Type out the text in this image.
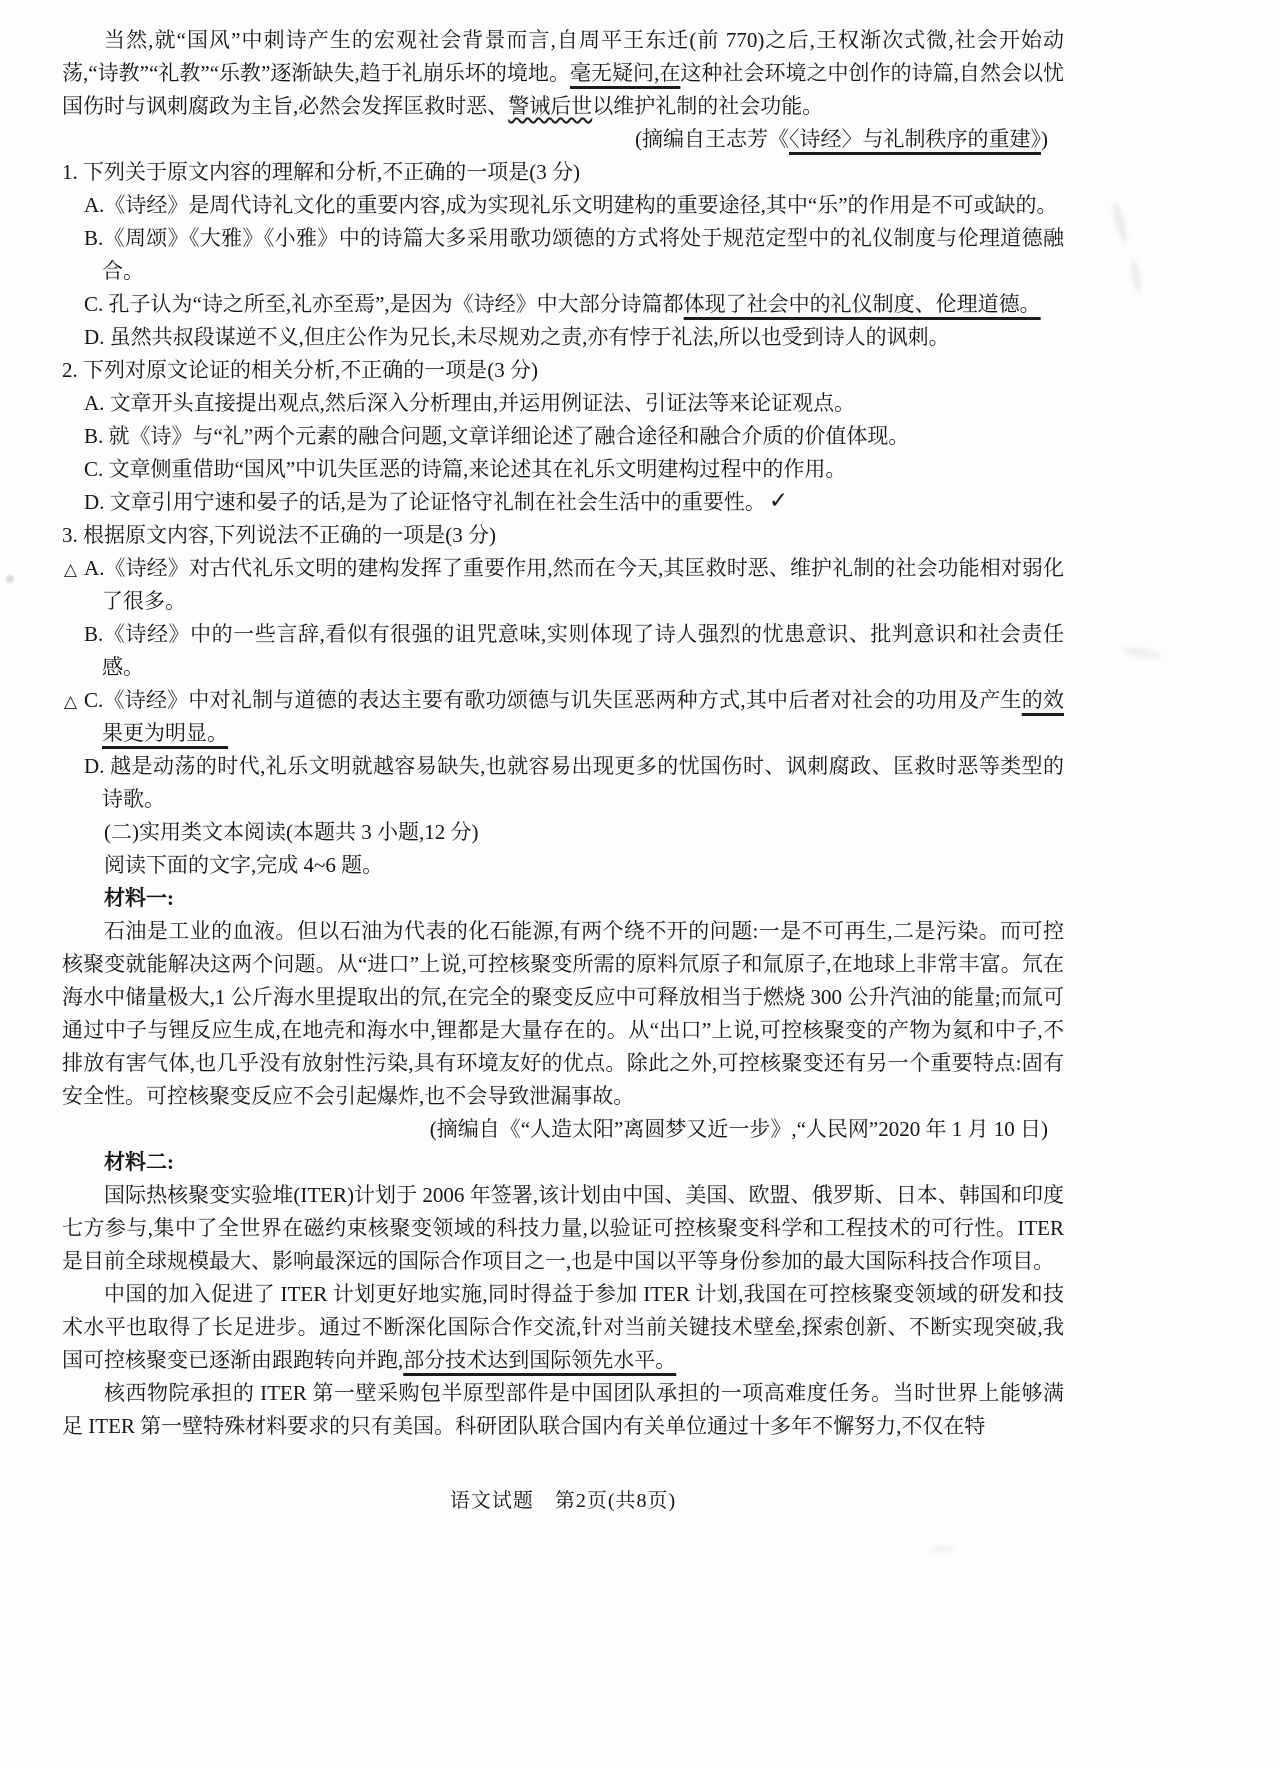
当然,就“国风”中刺诗产生的宏观社会背景而言,自周平王东迁(前 770)之后,王权渐次式微,社会开始动荡,“诗教”“礼教”“乐教”逐渐缺失,趋于礼崩乐坏的境地。毫无疑问,在这种社会环境之中创作的诗篇,自然会以忧国伤时与讽刺腐政为主旨,必然会发挥匡救时恶、警诫后世以维护礼制的社会功能。

(摘编自王志芳《〈诗经〉与礼制秩序的重建》)

1. 下列关于原文内容的理解和分析,不正确的一项是(3 分)

A.《诗经》是周代诗礼文化的重要内容,成为实现礼乐文明建构的重要途径,其中“乐”的作用是不可或缺的。

B.《周颂》《大雅》《小雅》中的诗篇大多采用歌功颂德的方式将处于规范定型中的礼仪制度与伦理道德融合。

C. 孔子认为“诗之所至,礼亦至焉”,是因为《诗经》中大部分诗篇都体现了社会中的礼仪制度、伦理道德。

D. 虽然共叔段谋逆不义,但庄公作为兄长,未尽规劝之责,亦有悖于礼法,所以也受到诗人的讽刺。

2. 下列对原文论证的相关分析,不正确的一项是(3 分)

A. 文章开头直接提出观点,然后深入分析理由,并运用例证法、引证法等来论证观点。

B. 就《诗》与“礼”两个元素的融合问题,文章详细论述了融合途径和融合介质的价值体现。

C. 文章侧重借助“国风”中讥失匡恶的诗篇,来论述其在礼乐文明建构过程中的作用。

D. 文章引用宁速和晏子的话,是为了论证恪守礼制在社会生活中的重要性。 ✓

3. 根据原文内容,下列说法不正确的一项是(3 分)

△ A.《诗经》对古代礼乐文明的建构发挥了重要作用,然而在今天,其匡救时恶、维护礼制的社会功能相对弱化了很多。

B.《诗经》中的一些言辞,看似有很强的诅咒意味,实则体现了诗人强烈的忧患意识、批判意识和社会责任感。

△ C.《诗经》中对礼制与道德的表达主要有歌功颂德与讥失匡恶两种方式,其中后者对社会的功用及产生的效果更为明显。

D. 越是动荡的时代,礼乐文明就越容易缺失,也就容易出现更多的忧国伤时、讽刺腐政、匡救时恶等类型的诗歌。

(二)实用类文本阅读(本题共 3 小题,12 分)

阅读下面的文字,完成 4~6 题。

材料一:

石油是工业的血液。但以石油为代表的化石能源,有两个绕不开的问题:一是不可再生,二是污染。而可控核聚变就能解决这两个问题。从“进口”上说,可控核聚变所需的原料氘原子和氚原子,在地球上非常丰富。氘在海水中储量极大,1 公斤海水里提取出的氘,在完全的聚变反应中可释放相当于燃烧 300 公升汽油的能量;而氚可通过中子与锂反应生成,在地壳和海水中,锂都是大量存在的。从“出口”上说,可控核聚变的产物为氦和中子,不排放有害气体,也几乎没有放射性污染,具有环境友好的优点。除此之外,可控核聚变还有另一个重要特点:固有安全性。可控核聚变反应不会引起爆炸,也不会导致泄漏事故。

(摘编自《“人造太阳”离圆梦又近一步》,“人民网”2020 年 1 月 10 日)

材料二:

国际热核聚变实验堆(ITER)计划于 2006 年签署,该计划由中国、美国、欧盟、俄罗斯、日本、韩国和印度七方参与,集中了全世界在磁约束核聚变领域的科技力量,以验证可控核聚变科学和工程技术的可行性。ITER 是目前全球规模最大、影响最深远的国际合作项目之一,也是中国以平等身份参加的最大国际科技合作项目。

中国的加入促进了 ITER 计划更好地实施,同时得益于参加 ITER 计划,我国在可控核聚变领域的研发和技术水平也取得了长足进步。通过不断深化国际合作交流,针对当前关键技术壁垒,探索创新、不断实现突破,我国可控核聚变已逐渐由跟跑转向并跑,部分技术达到国际领先水平。

核西物院承担的 ITER 第一壁采购包半原型部件是中国团队承担的一项高难度任务。当时世界上能够满足 ITER 第一壁特殊材料要求的只有美国。科研团队联合国内有关单位通过十多年不懈努力,不仅在特

语文试题　第2页(共8页)
